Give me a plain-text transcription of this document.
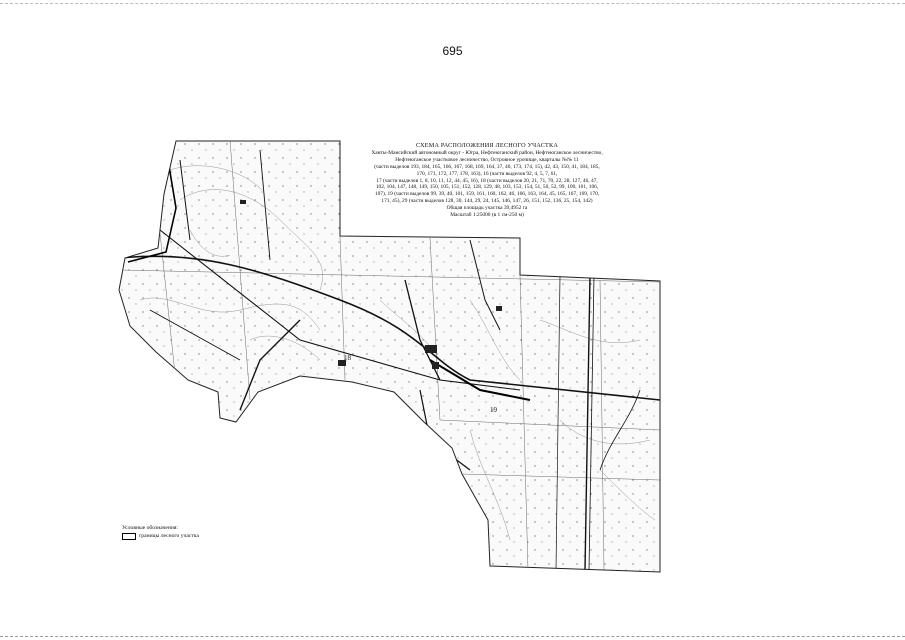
695
18
19
СХЕМА РАСПОЛОЖЕНИЯ ЛЕСНОГО УЧАСТКА
Ханты-Мансийский автономный округ - Югра, Нефтеюганский район, Нефтеюганское лесничество,
Нефтеюганское участковое лесничество, Островное урочище, кварталы №№ 11
(части выделов 193, 184, 165, 166, 167, 168, 169, 164, 37, 40, 173, 174, 15), 42, 43, 150, 41, 184, 185,
170, 171, 172, 177, 178, 163), 16 (части выделов 92, 4, 5, 7, 61,
17 (части выделов 1, 8, 10, 11, 12, 44, 45, 16), 18 (части выделов 20, 21, 71, 70, 22, 28, 127, 46, 47,
102, 104, 147, 148, 149, 150, 105, 151, 152, 128, 129, 48, 103, 153, 154, 51, 50, 52, 99, 100, 101, 106,
107), 19 (части выделов 99, 39, 40, 101, 159, 161, 160, 162, 46, 166, 163, 164, 45, 165, 167, 169, 170,
171, 45), 29 (части выделов 128, 30, 144, 29, 24, 145, 146, 147, 26, 151, 152, 136, 25, 154, 142)
Общая площадь участка 39,4952 га
Масштаб 1:25000 (в 1 см-250 м)
Условные обозначения:
границы лесного участка
